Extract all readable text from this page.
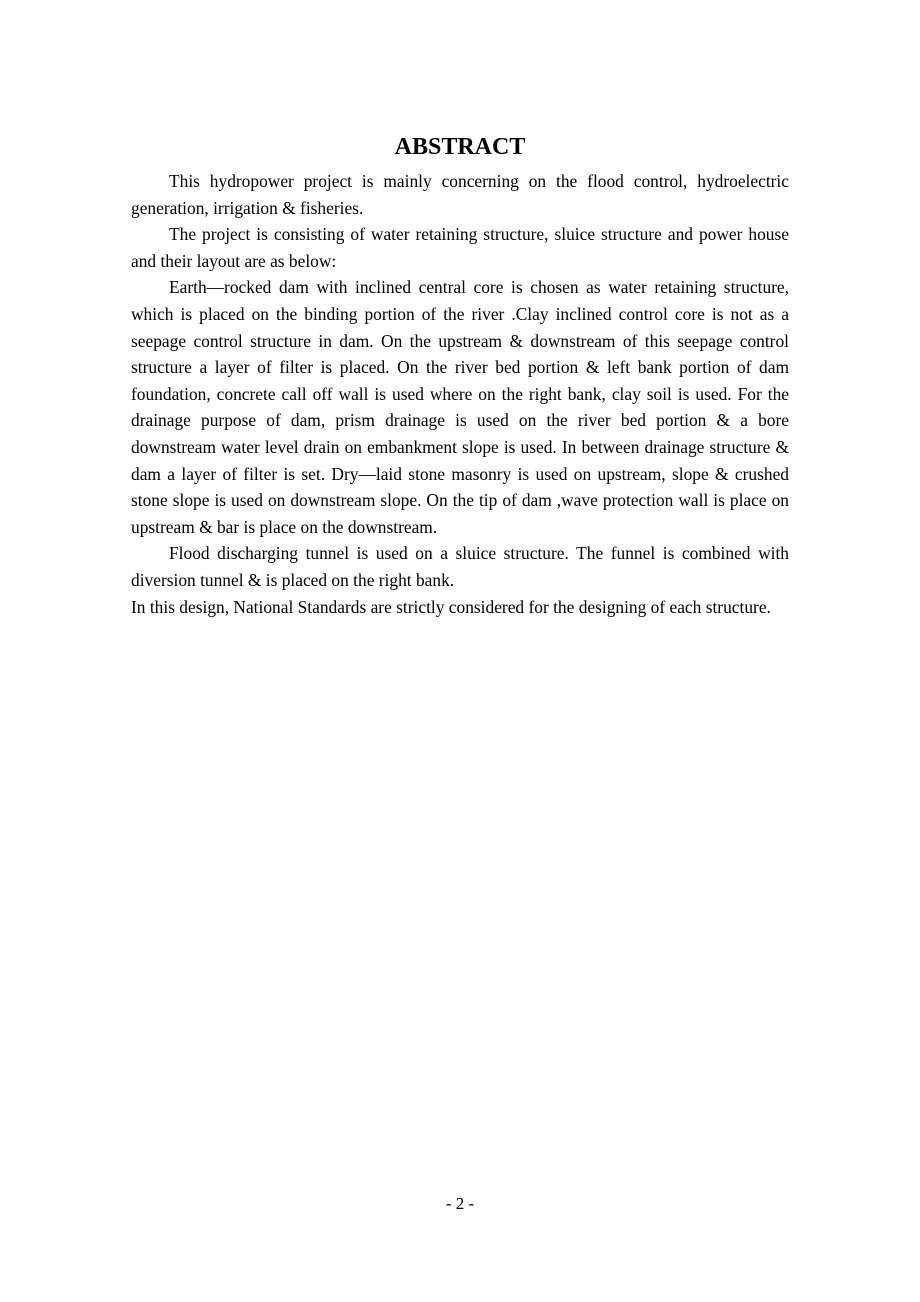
ABSTRACT

This hydropower project is mainly concerning on the flood control, hydroelectric generation, irrigation & fisheries.

The project is consisting of water retaining structure, sluice structure and power house and their layout are as below:

Earth—rocked dam with inclined central core is chosen as water retaining structure, which is placed on the binding portion of the river .Clay inclined control core is not as a seepage control structure in dam. On the upstream & downstream of this seepage control structure a layer of filter is placed. On the river bed portion & left bank portion of dam foundation, concrete call off wall is used where on the right bank, clay soil is used. For the drainage purpose of dam, prism drainage is used on the river bed portion & a bore downstream water level drain on embankment slope is used. In between drainage structure & dam a layer of filter is set. Dry—laid stone masonry is used on upstream, slope & crushed stone slope is used on downstream slope. On the tip of dam ,wave protection wall is place on upstream & bar is place on the downstream.

Flood discharging tunnel is used on a sluice structure. The funnel is combined with diversion tunnel & is placed on the right bank.

In this design, National Standards are strictly considered for the designing of each structure.

- 2 -
